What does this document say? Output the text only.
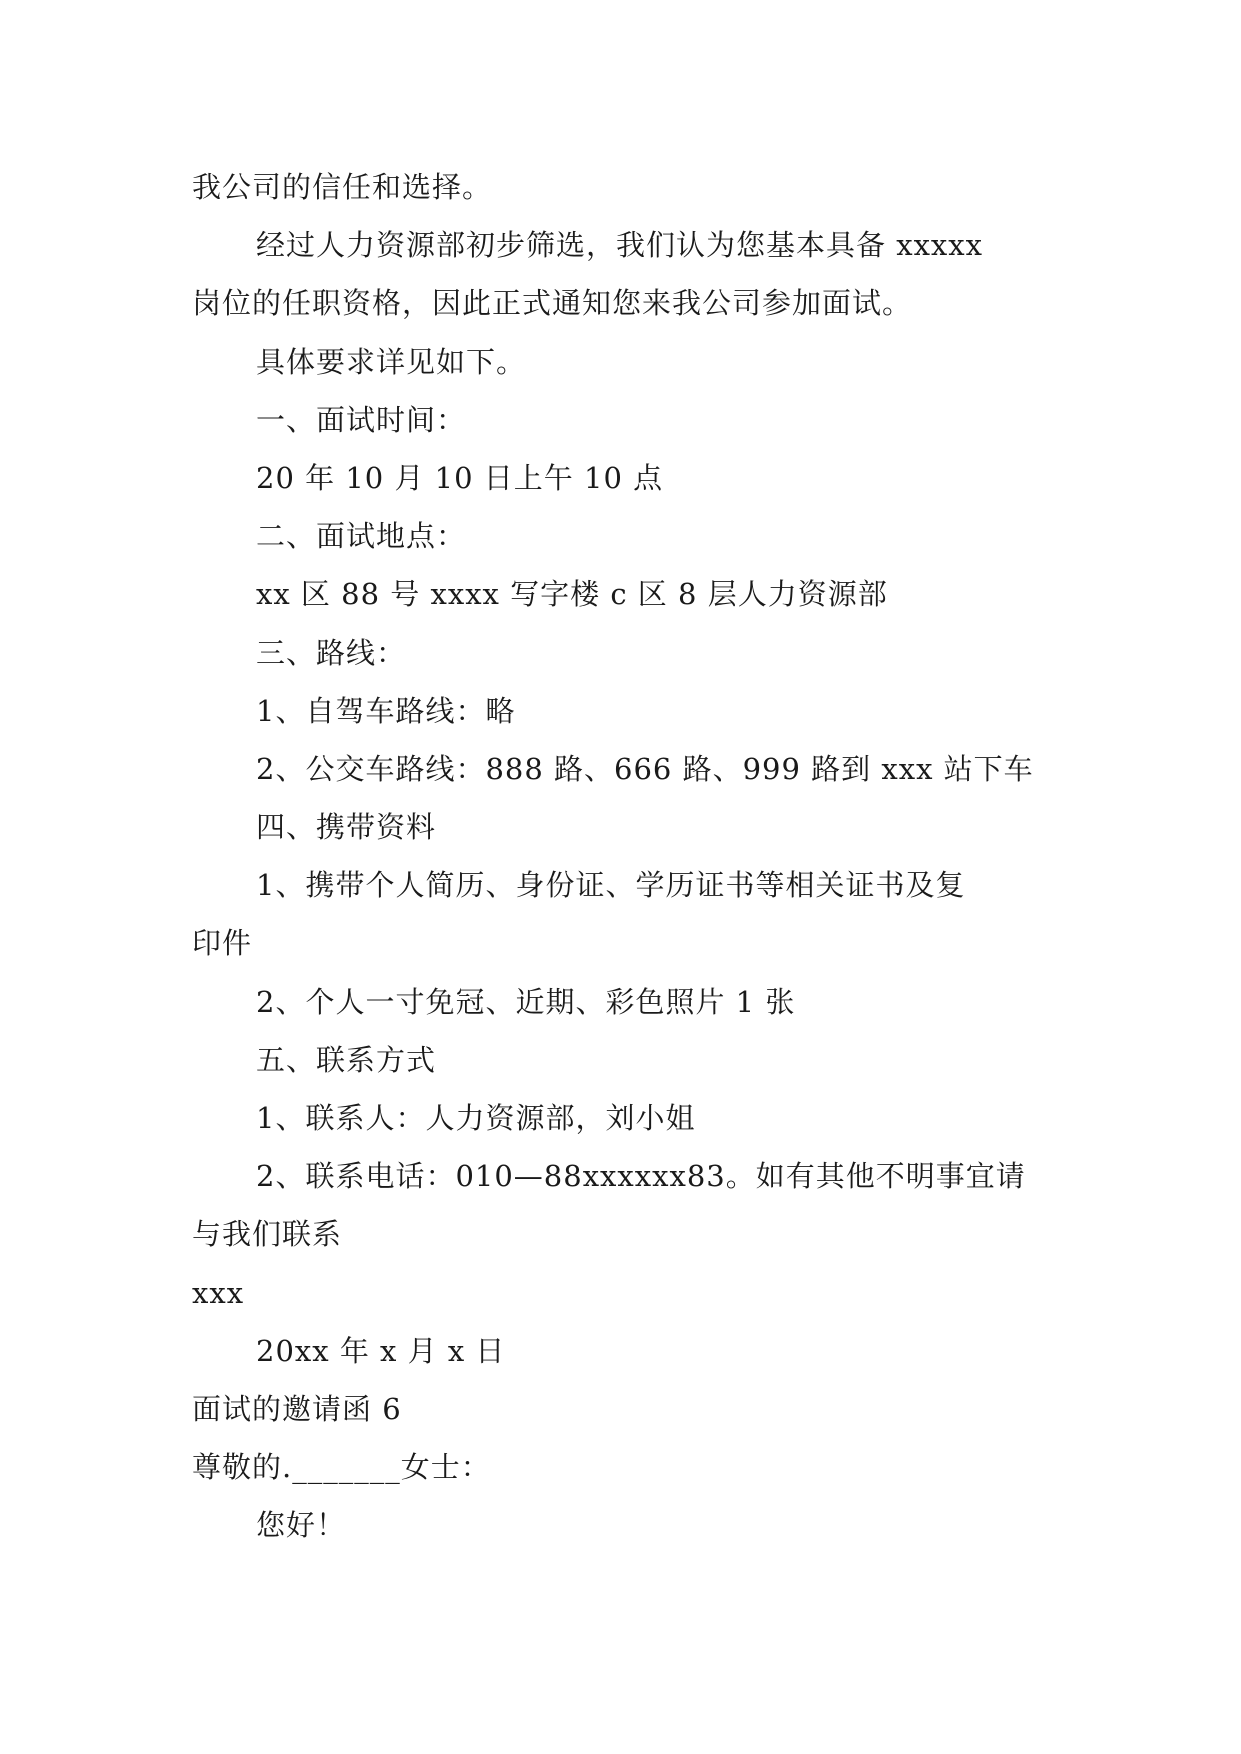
我公司的信任和选择。
经过人力资源部初步筛选，我们认为您基本具备 xxxxx
岗位的任职资格，因此正式通知您来我公司参加面试。
具体要求详见如下。
一、面试时间：
20 年 10 月 10 日上午 10 点
二、面试地点：
xx 区 88 号 xxxx 写字楼 c 区 8 层人力资源部
三、路线：
1、自驾车路线：略
2、公交车路线：888 路、666 路、999 路到 xxx 站下车
四、携带资料
1、携带个人简历、身份证、学历证书等相关证书及复
印件
2、个人一寸免冠、近期、彩色照片 1 张
五、联系方式
1、联系人：人力资源部，刘小姐
2、联系电话：010—88xxxxxx83。如有其他不明事宜请
与我们联系
xxx
20xx 年 x 月 x 日
面试的邀请函 6
尊敬的._______女士：
您好！
